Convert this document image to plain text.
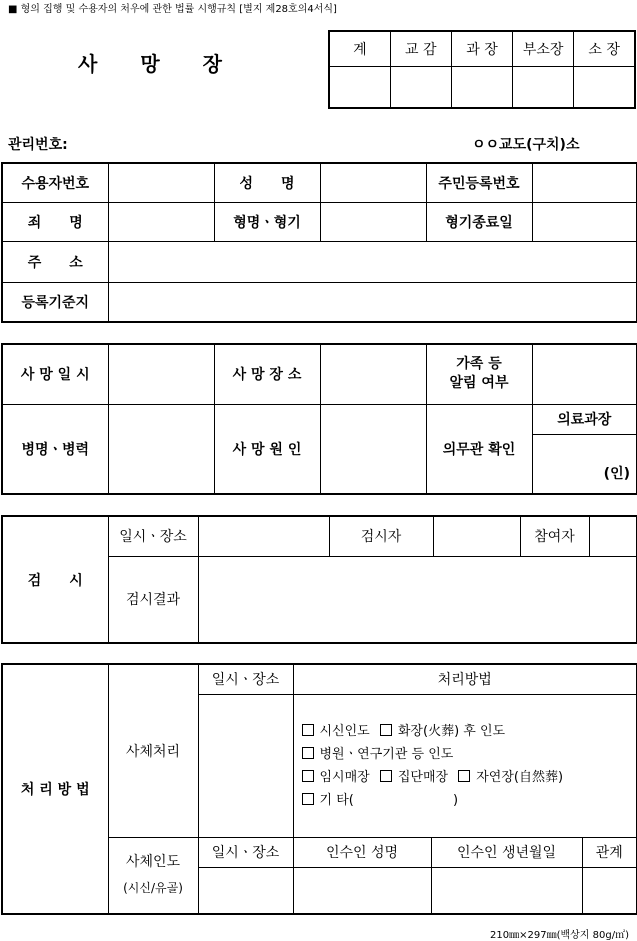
■ 형의 집행 및 수용자의 처우에 관한 법률 시행규칙 [별지 제28호의4서식]
사　　망　　장
계	교 감	과 장	부소장	소 장

관리번호:	ㅇㅇ교도(구치)소
수용자번호		성　　명		주민등록번호	
죄　　명		형명ㆍ형기		형기종료일	
주　　소					
등록기준지					
사 망 일 시		사 망 장 소		가족 등
알림 여부	

병명ㆍ병력		사 망 원 인		의무관 확인	의료과장
					(인)
검　　시	일시ㆍ장소		검시자		참여자	
	검시결과					
처 리 방 법	사체처리	일시ㆍ장소	처리방법		

			시신인도 화장(火葬) 후 인도
병원ㆍ연구기관 등 인도
임시매장 집단매장 자연장(自然葬)
기 타(                        )		

	사체인도
(시신/유골)	일시ㆍ장소	인수인 성명	인수인 생년월일	관계

210㎜×297㎜(백상지 80g/㎡)
